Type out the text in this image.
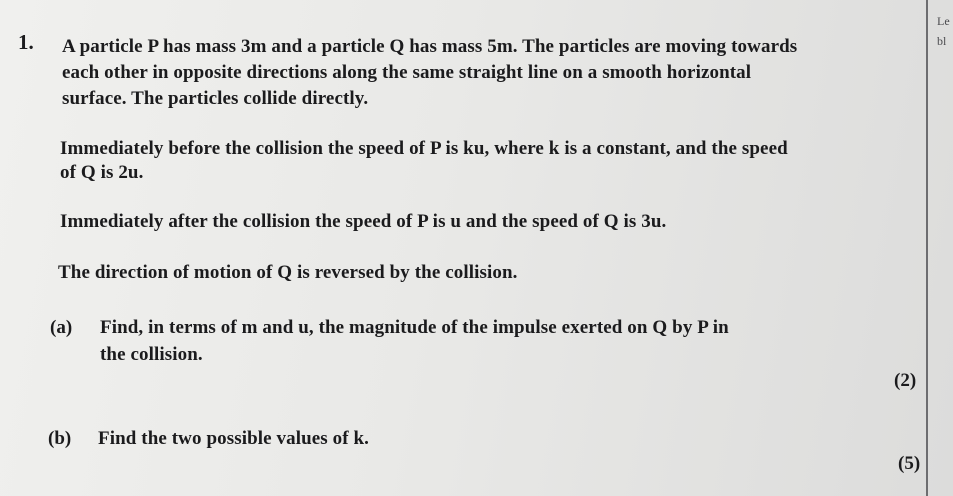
Le
bl
1. A particle P has mass 3m and a particle Q has mass 5m. The particles are moving towards
each other in opposite directions along the same straight line on a smooth horizontal
surface. The particles collide directly.
Immediately before the collision the speed of P is ku, where k is a constant, and the speed
of Q is 2u.
Immediately after the collision the speed of P is u and the speed of Q is 3u.
The direction of motion of Q is reversed by the collision.
(a) Find, in terms of m and u, the magnitude of the impulse exerted on Q by P in
the collision.
(2)
(b) Find the two possible values of k.
(5)
